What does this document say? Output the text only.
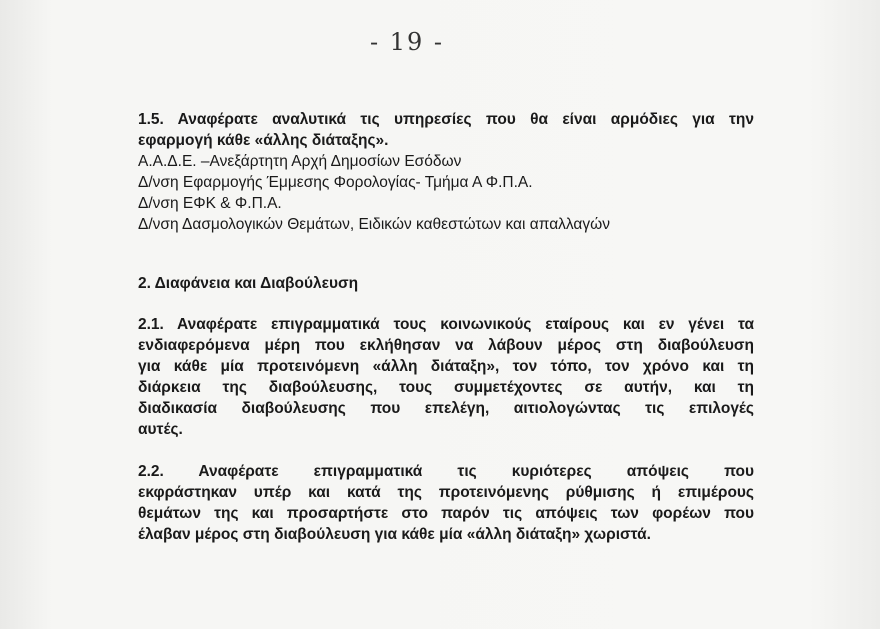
- 19 -
1.5. Αναφέρατε αναλυτικά τις υπηρεσίες που θα είναι αρμόδιες για την
εφαρμογή κάθε «άλλης διάταξης».
Α.Α.Δ.Ε. –Ανεξάρτητη Αρχή Δημοσίων Εσόδων
Δ/νση Εφαρμογής Έμμεσης Φορολογίας- Τμήμα Α Φ.Π.Α.
Δ/νση ΕΦΚ & Φ.Π.Α.
Δ/νση Δασμολογικών Θεμάτων, Ειδικών καθεστώτων και απαλλαγών
2. Διαφάνεια και Διαβούλευση
2.1. Αναφέρατε επιγραμματικά τους κοινωνικούς εταίρους και εν γένει τα
ενδιαφερόμενα μέρη που εκλήθησαν να λάβουν μέρος στη διαβούλευση
για κάθε μία προτεινόμενη «άλλη διάταξη», τον τόπο, τον χρόνο και τη
διάρκεια της διαβούλευσης, τους συμμετέχοντες σε αυτήν, και τη
διαδικασία διαβούλευσης που επελέγη, αιτιολογώντας τις επιλογές
αυτές.
2.2. Αναφέρατε επιγραμματικά τις κυριότερες απόψεις που
εκφράστηκαν υπέρ και κατά της προτεινόμενης ρύθμισης ή επιμέρους
θεμάτων της και προσαρτήστε στο παρόν τις απόψεις των φορέων που
έλαβαν μέρος στη διαβούλευση για κάθε μία «άλλη διάταξη» χωριστά.
